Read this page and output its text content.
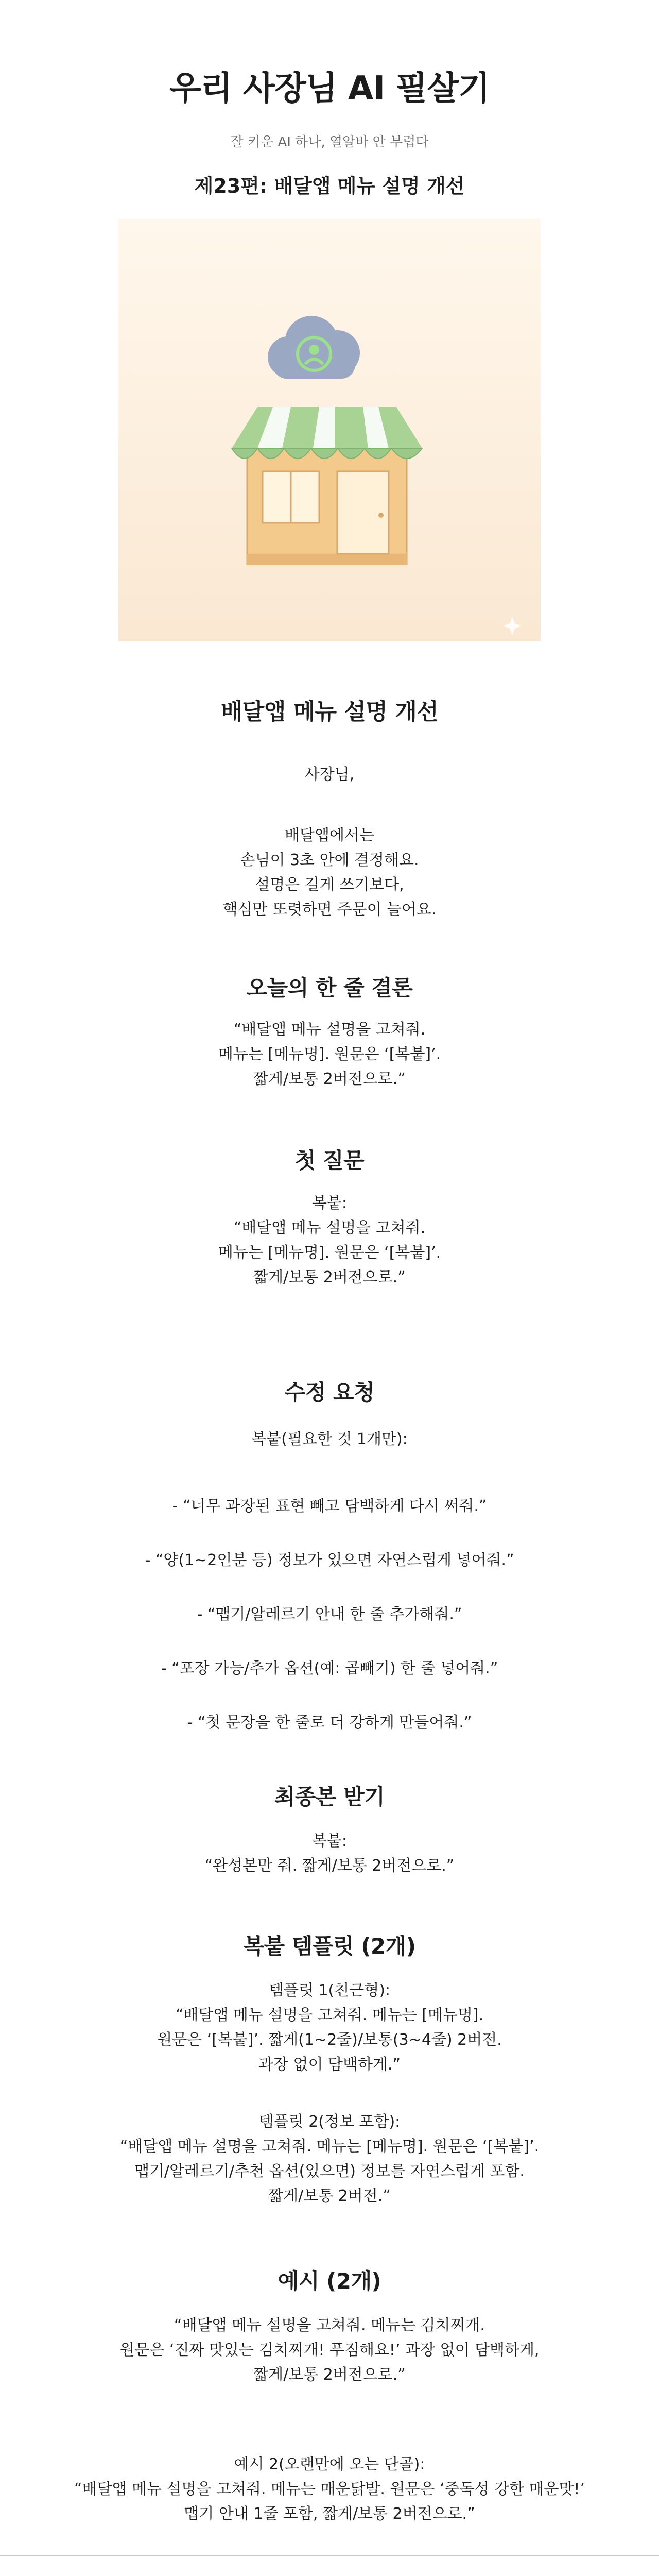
우리 사장님 AI 필살기
잘 키운 AI 하나, 열알바 안 부럽다
제23편: 배달앱 메뉴 설명 개선
배달앱 메뉴 설명 개선
사장님,
배달앱에서는
손님이 3초 안에 결정해요.
설명은 길게 쓰기보다,
핵심만 또렷하면 주문이 늘어요.
오늘의 한 줄 결론
“배달앱 메뉴 설명을 고쳐줘.
메뉴는 [메뉴명]. 원문은 ‘[복붙]’.
짧게/보통 2버전으로.”
첫 질문
복붙:
“배달앱 메뉴 설명을 고쳐줘.
메뉴는 [메뉴명]. 원문은 ‘[복붙]’.
짧게/보통 2버전으로.”
수정 요청
복붙(필요한 것 1개만):
- “너무 과장된 표현 빼고 담백하게 다시 써줘.”
- “양(1~2인분 등) 정보가 있으면 자연스럽게 넣어줘.”
- “맵기/알레르기 안내 한 줄 추가해줘.”
- “포장 가능/추가 옵션(예: 곱빼기) 한 줄 넣어줘.”
- “첫 문장을 한 줄로 더 강하게 만들어줘.”
최종본 받기
복붙:
“완성본만 줘. 짧게/보통 2버전으로.”
복붙 템플릿 (2개)
템플릿 1(친근형):
“배달앱 메뉴 설명을 고쳐줘. 메뉴는 [메뉴명].
원문은 ‘[복붙]’. 짧게(1~2줄)/보통(3~4줄) 2버전.
과장 없이 담백하게.”
템플릿 2(정보 포함):
“배달앱 메뉴 설명을 고쳐줘. 메뉴는 [메뉴명]. 원문은 ‘[복붙]’.
맵기/알레르기/추천 옵션(있으면) 정보를 자연스럽게 포함.
짧게/보통 2버전.”
예시 (2개)
“배달앱 메뉴 설명을 고쳐줘. 메뉴는 김치찌개.
원문은 ‘진짜 맛있는 김치찌개! 푸짐해요!’ 과장 없이 담백하게,
짧게/보통 2버전으로.”
예시 2(오랜만에 오는 단골):
“배달앱 메뉴 설명을 고쳐줘. 메뉴는 매운닭발. 원문은 ‘중독성 강한 매운맛!’
맵기 안내 1줄 포함, 짧게/보통 2버전으로.”
